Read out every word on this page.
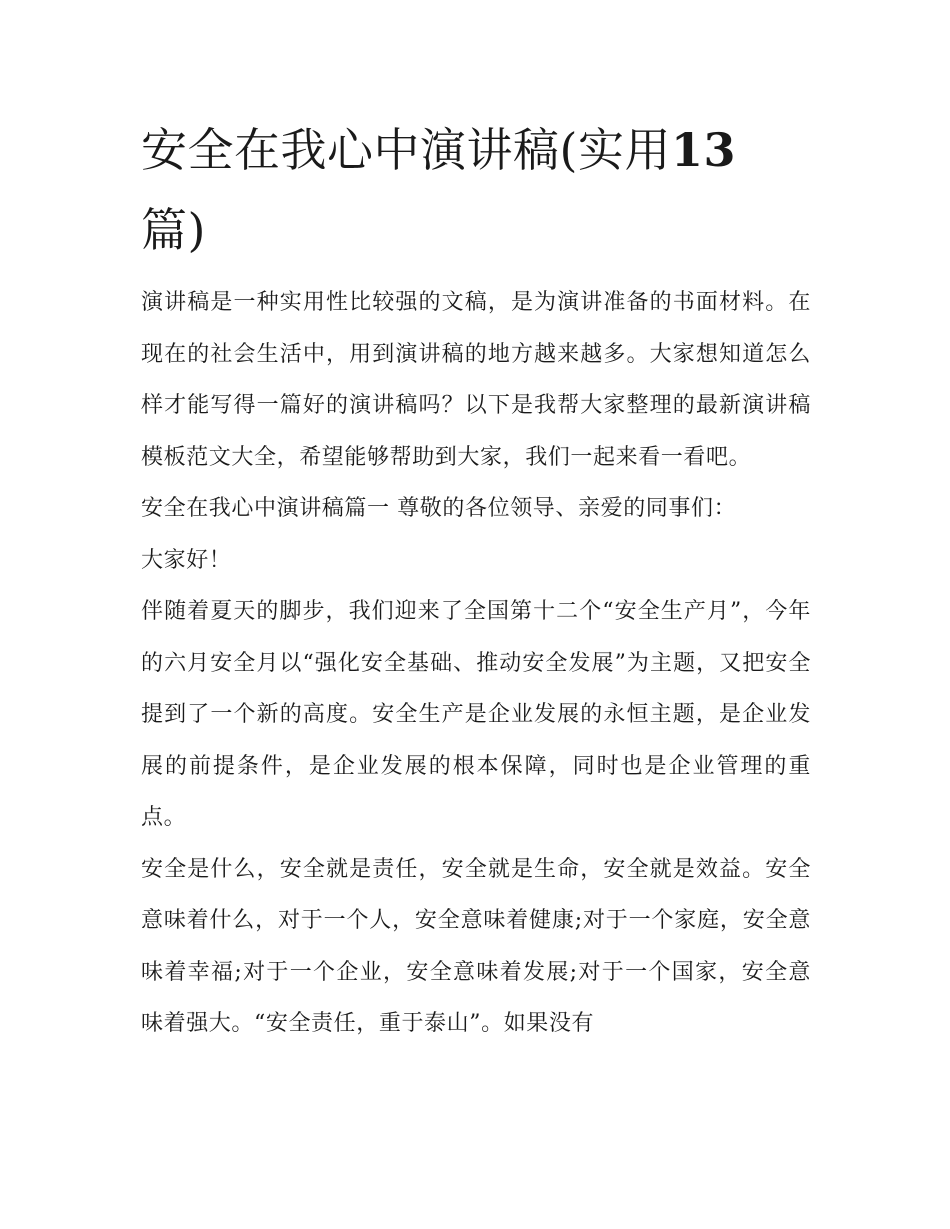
安全在我心中演讲稿(实用13
篇)

演讲稿是一种实用性比较强的文稿，是为演讲准备的书面材料。在现在的社会生活中，用到演讲稿的地方越来越多。大家想知道怎么样才能写得一篇好的演讲稿吗？以下是我帮大家整理的最新演讲稿模板范文大全，希望能够帮助到大家，我们一起来看一看吧。

安全在我心中演讲稿篇一 尊敬的各位领导、亲爱的同事们：

大家好！

伴随着夏天的脚步，我们迎来了全国第十二个“安全生产月”，今年的六月安全月以“强化安全基础、推动安全发展”为主题，又把安全提到了一个新的高度。安全生产是企业发展的永恒主题，是企业发展的前提条件，是企业发展的根本保障，同时也是企业管理的重点。

安全是什么，安全就是责任，安全就是生命，安全就是效益。安全意味着什么，对于一个人，安全意味着健康;对于一个家庭，安全意味着幸福;对于一个企业，安全意味着发展;对于一个国家，安全意味着强大。“安全责任，重于泰山”。如果没有
